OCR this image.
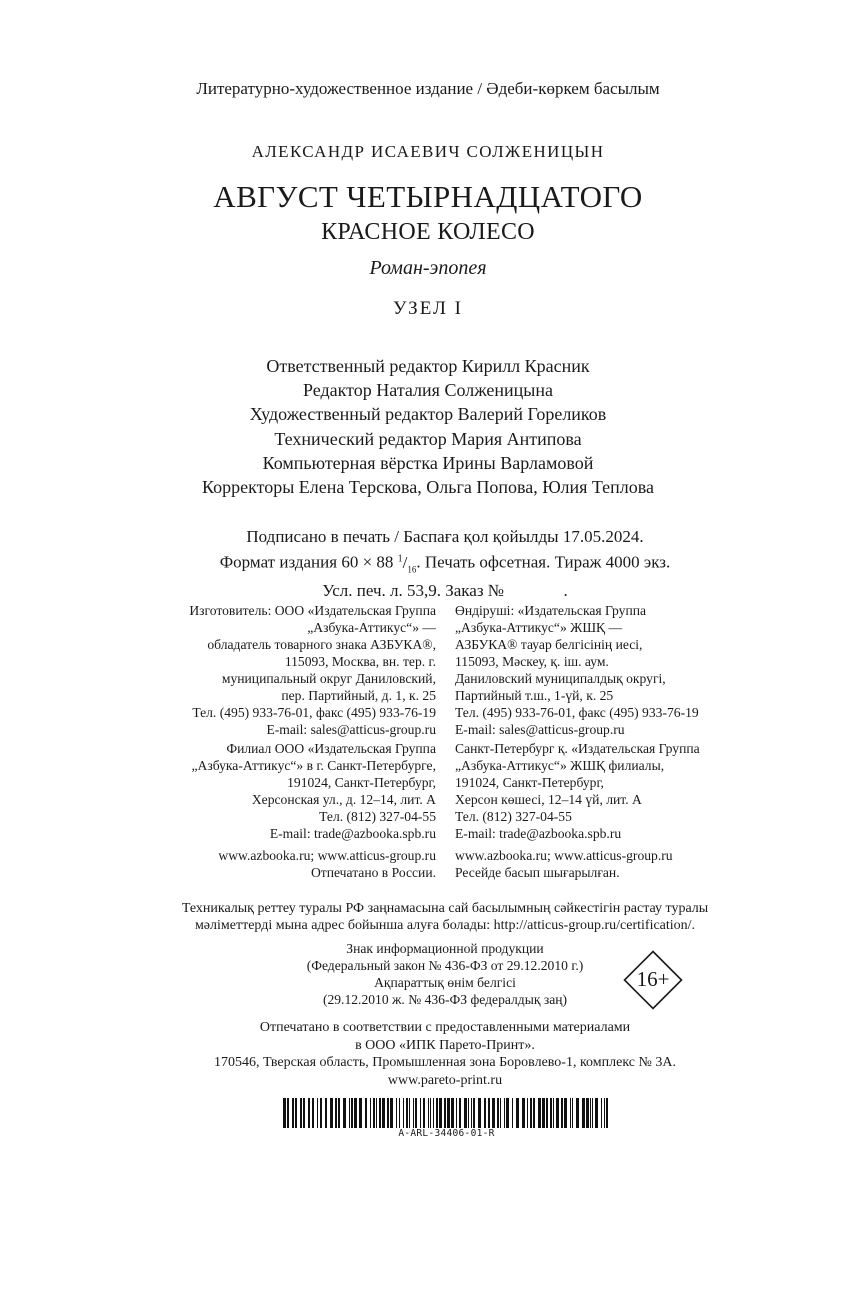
Литературно-художественное издание / Әдеби-көркем басылым
АЛЕКСАНДР ИСАЕВИЧ СОЛЖЕНИЦЫН
АВГУСТ ЧЕТЫРНАДЦАТОГО
КРАСНОЕ КОЛЕСО
Роман-эпопея
УЗЕЛ I
Ответственный редактор Кирилл Красник
Редактор Наталия Солженицына
Художественный редактор Валерий Гореликов
Технический редактор Мария Антипова
Компьютерная вёрстка Ирины Варламовой
Корректоры Елена Терскова, Ольга Попова, Юлия Теплова
Подписано в печать / Баспаға қол қойылды 17.05.2024.
Формат издания 60 × 88 $^1/_{16}$. Печать офсетная. Тираж 4000 экз.
Усл. печ. л. 53,9. Заказ №              .
Изготовитель: ООО «Издательская Группа
„Азбука-Аттикус“» —
обладатель товарного знака АЗБУКА®,
115093, Москва, вн. тер. г.
муниципальный округ Даниловский,
пер. Партийный, д. 1, к. 25
Тел. (495) 933-76-01, факс (495) 933-76-19
E-mail: sales@atticus-group.ru
Филиал ООО «Издательская Группа
„Азбука-Аттикус“» в г. Санкт-Петербурге,
191024, Санкт-Петербург,
Херсонская ул., д. 12–14, лит. А
Тел. (812) 327-04-55
E-mail: trade@azbooka.spb.ru
www.azbooka.ru; www.atticus-group.ru
Отпечатано в России.
Өндіруші: «Издательская Группа
„Азбука-Аттикус“» ЖШҚ —
АЗБУКА® тауар белгісінің иесі,
115093, Мәскеу, қ. іш. аум.
Даниловский муниципалдық округі,
Партийный т.ш., 1-үй, к. 25
Тел. (495) 933-76-01, факс (495) 933-76-19
E-mail: sales@atticus-group.ru
Санкт-Петербург қ. «Издательская Группа
„Азбука-Аттикус“» ЖШҚ филиалы,
191024, Санкт-Петербург,
Херсон көшесі, 12–14 үй, лит. А
Тел. (812) 327-04-55
E-mail: trade@azbooka.spb.ru
www.azbooka.ru; www.atticus-group.ru
Ресейде басып шығарылған.
Техникалық реттеу туралы РФ заңнамасына сай басылымның сәйкестігін растау туралы
мәліметтерді мына адрес бойынша алуға болады: http://atticus-group.ru/certification/.
Знак информационной продукции
(Федеральный закон № 436-ФЗ от 29.12.2010 г.)
Ақпараттық өнім белгісі
(29.12.2010 ж. № 436-ФЗ федералдық заң)
16+
Отпечатано в соответствии с предоставленными материалами
в ООО «ИПК Парето-Принт».
170546, Тверская область, Промышленная зона Боровлево-1, комплекс № 3А.
www.pareto-print.ru
A-ARL-34406-01-R
